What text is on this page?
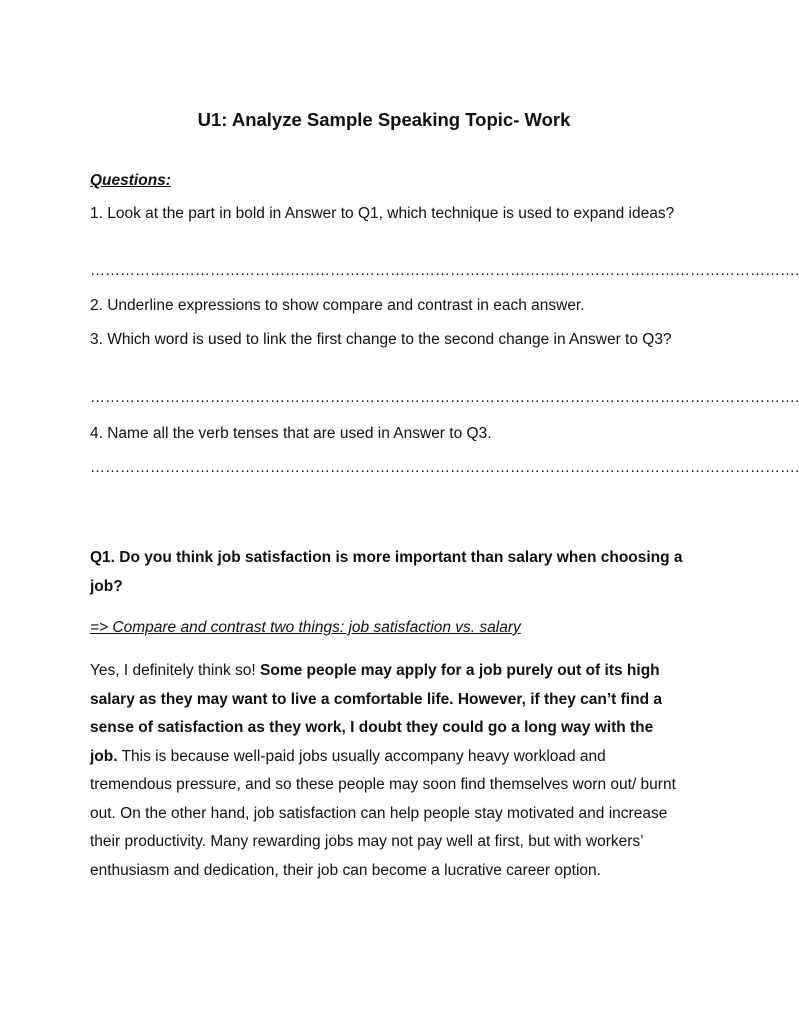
U1: Analyze Sample Speaking Topic- Work
Questions:
1. Look at the part in bold in Answer to Q1, which technique is used to expand ideas?
…………………………………………………………………………………………………………………………….
2. Underline expressions to show compare and contrast in each answer.
3. Which word is used to link the first change to the second change in Answer to Q3?
…………………………………………………………………………………………………………………………….
4. Name all the verb tenses that are used in Answer to Q3.
…………………………………………………………………………………………………………………………….
Q1. Do you think job satisfaction is more important than salary when choosing a job?
=> Compare and contrast two things: job satisfaction vs. salary
Yes, I definitely think so! Some people may apply for a job purely out of its high salary as they may want to live a comfortable life. However, if they can’t find a sense of satisfaction as they work, I doubt they could go a long way with the job. This is because well-paid jobs usually accompany heavy workload and tremendous pressure, and so these people may soon find themselves worn out/ burnt out. On the other hand, job satisfaction can help people stay motivated and increase their productivity. Many rewarding jobs may not pay well at first, but with workers’ enthusiasm and dedication, their job can become a lucrative career option.
